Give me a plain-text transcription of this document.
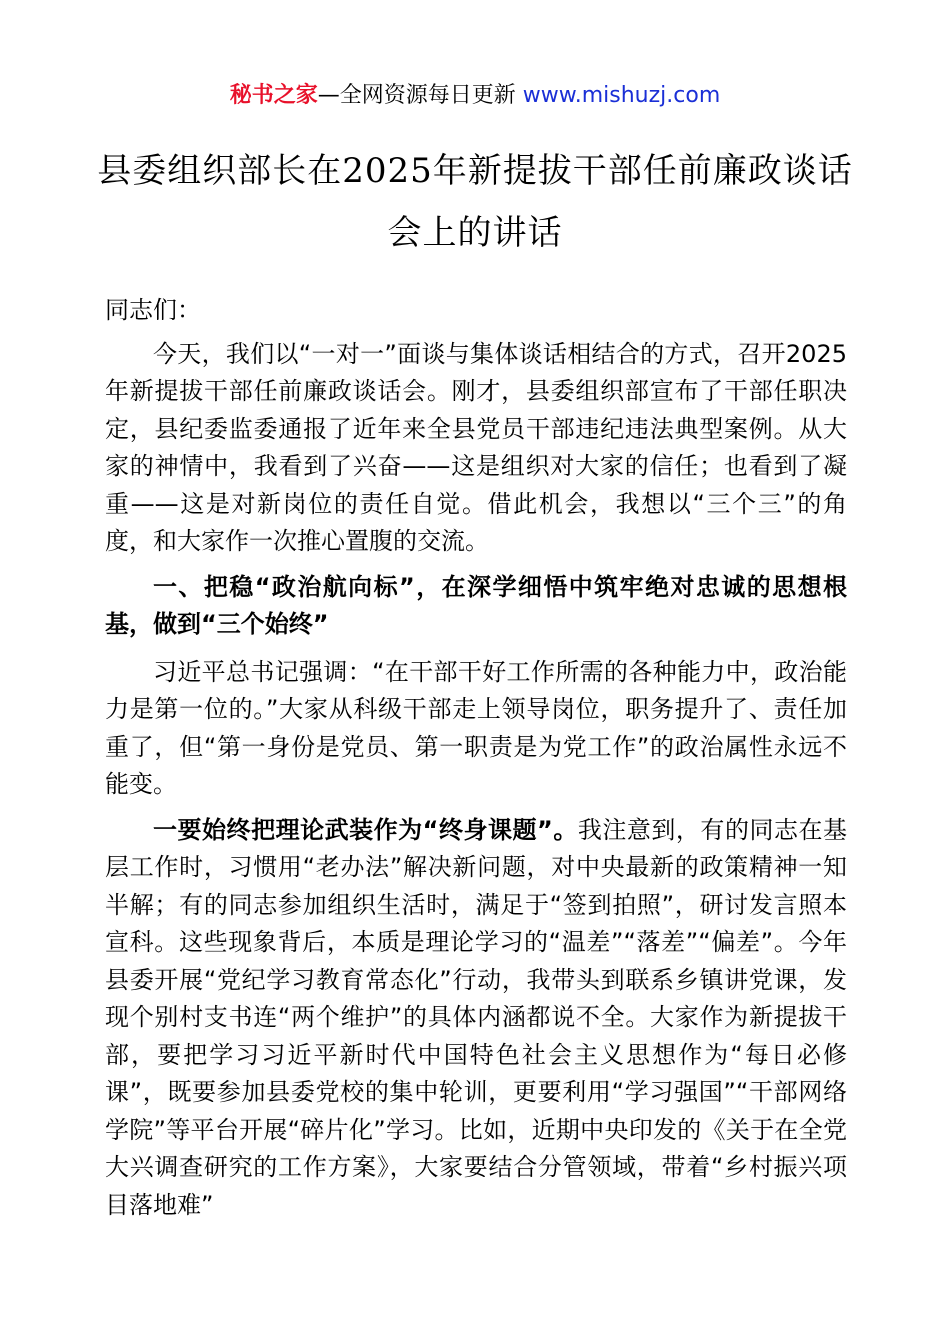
秘书之家—全网资源每日更新 www.mishuzj.com
县委组织部长在2025年新提拔干部任前廉政谈话会上的讲话

同志们：

今天，我们以“一对一”面谈与集体谈话相结合的方式，召开2025年新提拔干部任前廉政谈话会。刚才，县委组织部宣布了干部任职决定，县纪委监委通报了近年来全县党员干部违纪违法典型案例。从大家的神情中，我看到了兴奋——这是组织对大家的信任；也看到了凝重——这是对新岗位的责任自觉。借此机会，我想以“三个三”的角度，和大家作一次推心置腹的交流。

一、把稳“政治航向标”，在深学细悟中筑牢绝对忠诚的思想根基，做到“三个始终”

习近平总书记强调：“在干部干好工作所需的各种能力中，政治能力是第一位的。”大家从科级干部走上领导岗位，职务提升了、责任加重了，但“第一身份是党员、第一职责是为党工作”的政治属性永远不能变。

一要始终把理论武装作为“终身课题”。我注意到，有的同志在基层工作时，习惯用“老办法”解决新问题，对中央最新的政策精神一知半解；有的同志参加组织生活时，满足于“签到拍照”，研讨发言照本宣科。这些现象背后，本质是理论学习的“温差”“落差”“偏差”。今年县委开展“党纪学习教育常态化”行动，我带头到联系乡镇讲党课，发现个别村支书连“两个维护”的具体内涵都说不全。大家作为新提拔干部，要把学习习近平新时代中国特色社会主义思想作为“每日必修课”，既要参加县委党校的集中轮训，更要利用“学习强国”“干部网络学院”等平台开展“碎片化”学习。比如，近期中央印发的《关于在全党大兴调查研究的工作方案》，大家要结合分管领域，带着“乡村振兴项目落地难”
